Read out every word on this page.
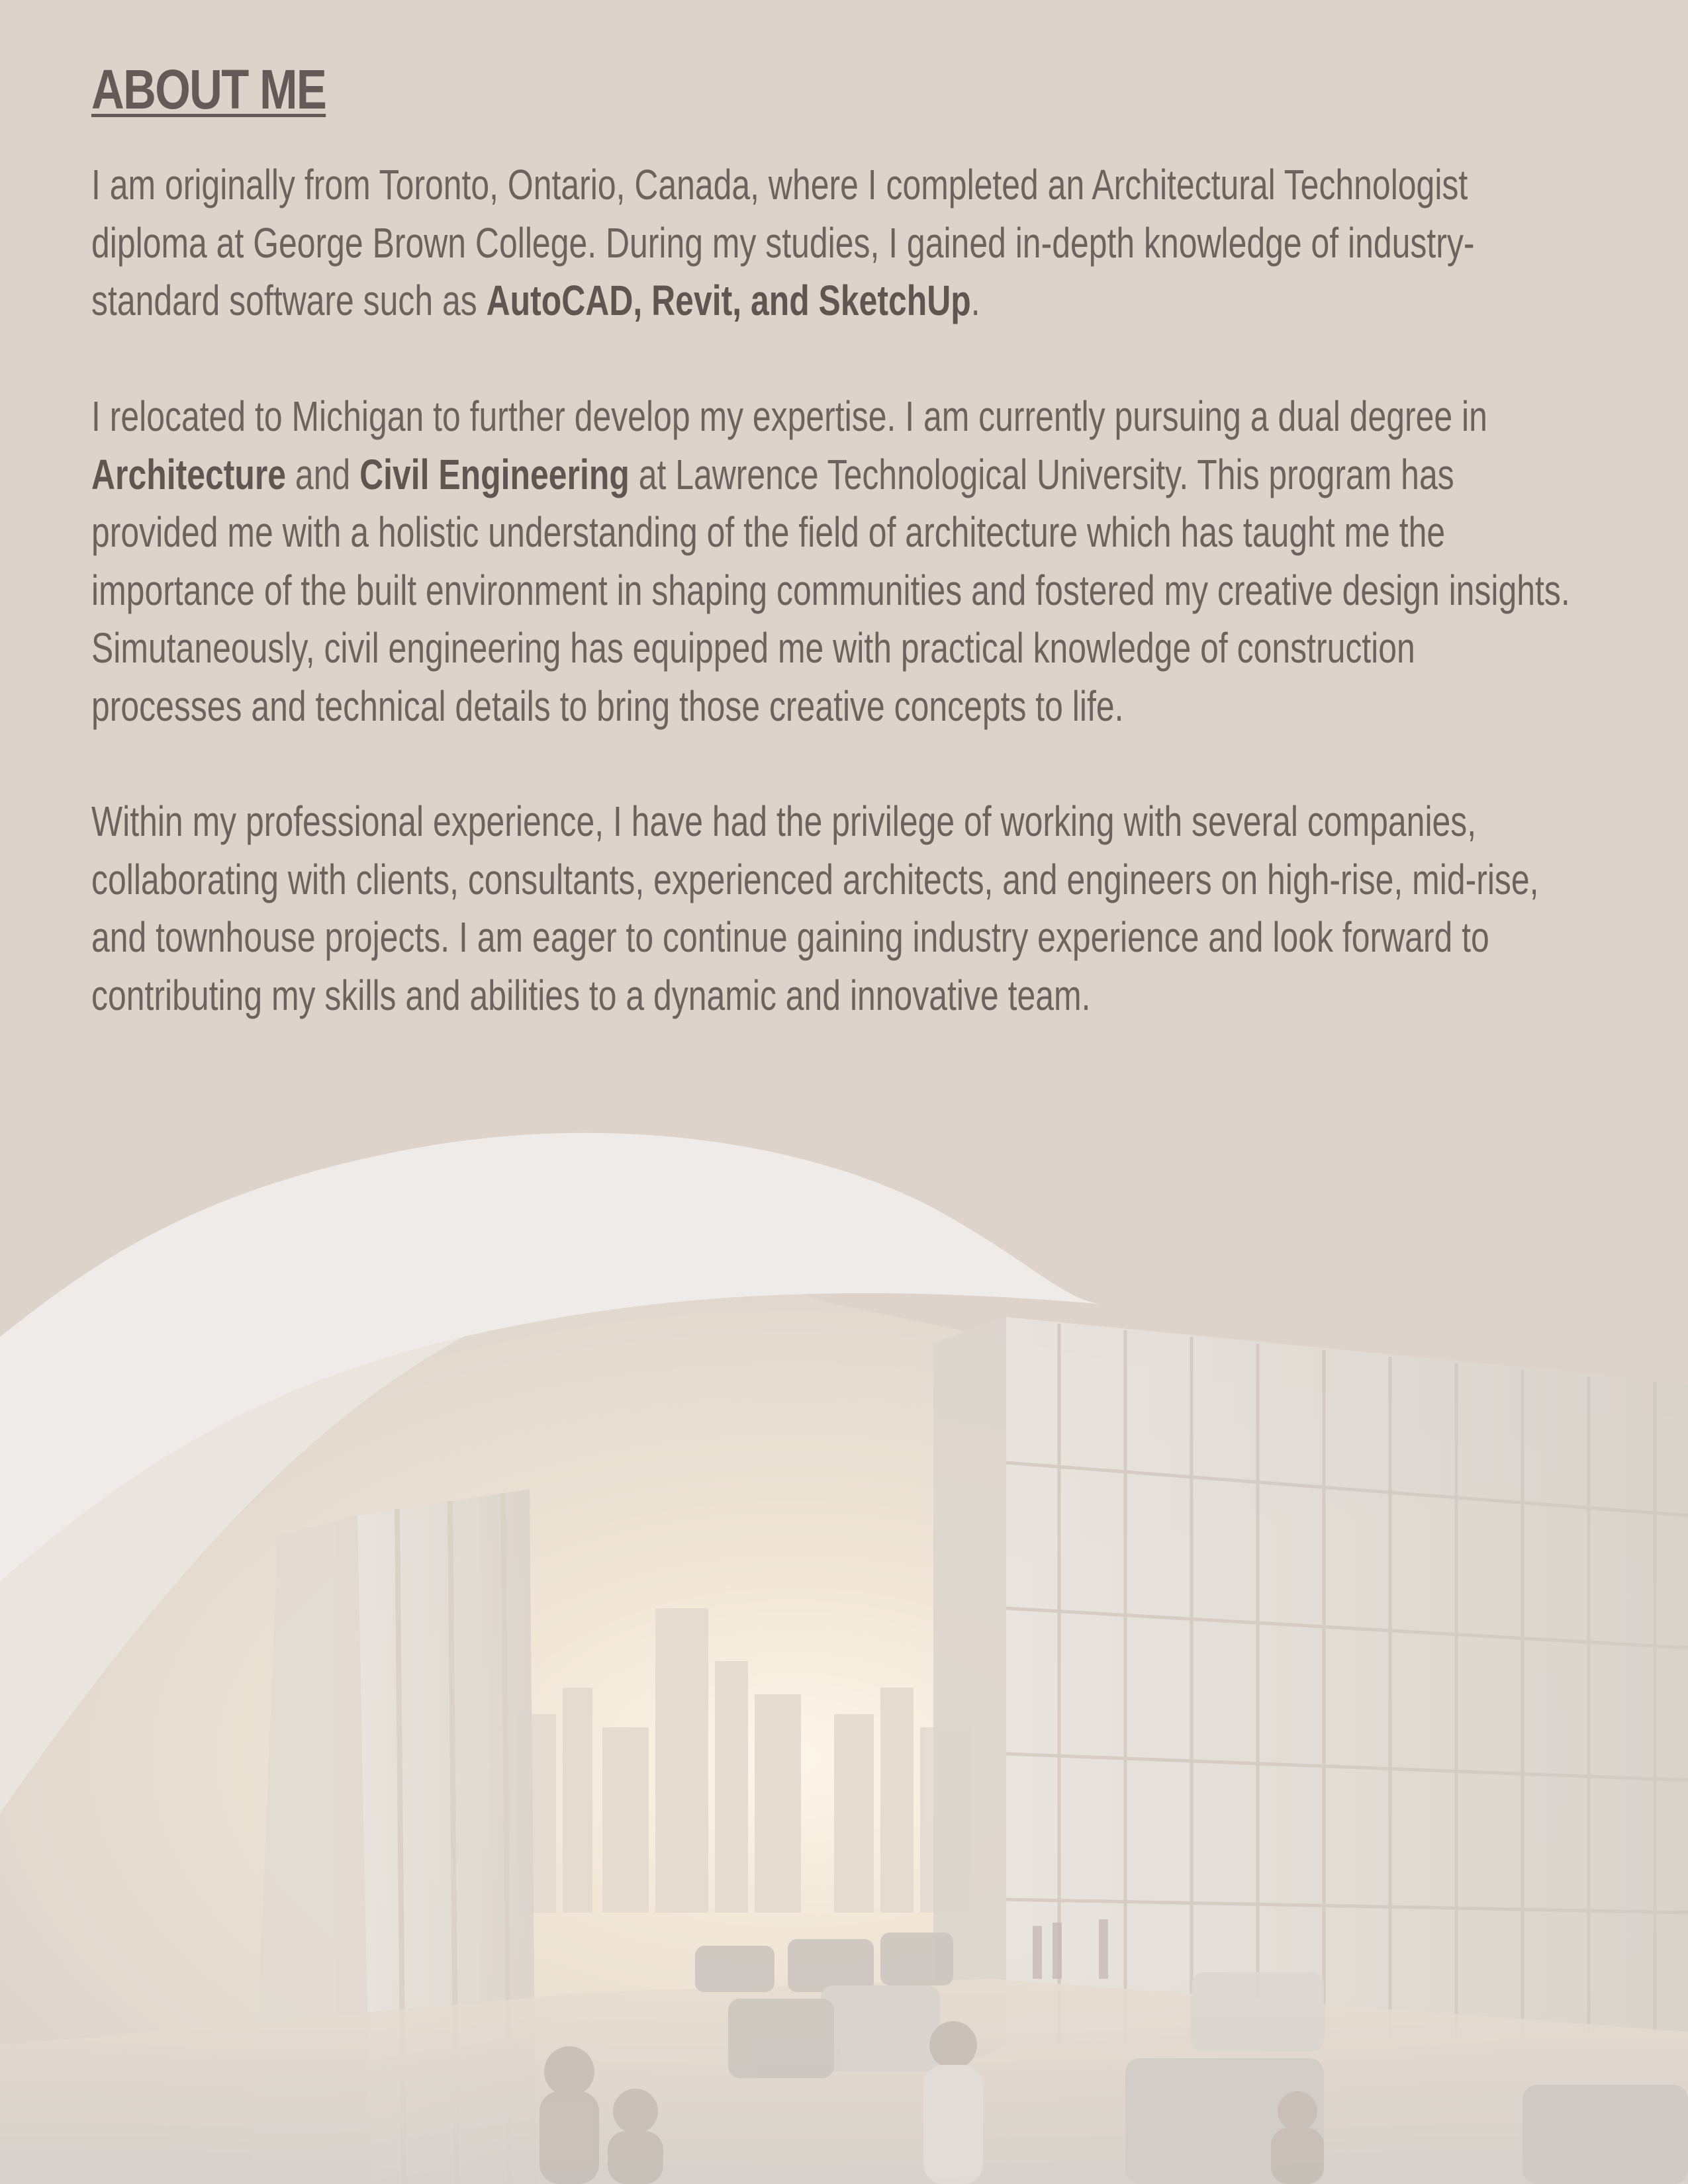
ABOUT ME

I am originally from Toronto, Ontario, Canada, where I completed an Architectural Technologist diploma at George Brown College. During my studies, I gained in-depth knowledge of industry-standard software such as AutoCAD, Revit, and SketchUp.

I relocated to Michigan to further develop my expertise. I am currently pursuing a dual degree in Architecture and Civil Engineering at Lawrence Technological University. This program has provided me with a holistic understanding of the field of architecture which has taught me the importance of the built environment in shaping communities and fostered my creative design insights. Simutaneously, civil engineering has equipped me with practical knowledge of construction processes and technical details to bring those creative concepts to life.

Within my professional experience, I have had the privilege of working with several companies, collaborating with clients, consultants, experienced architects, and engineers on high-rise, mid-rise, and townhouse projects. I am eager to continue gaining industry experience and look forward to contributing my skills and abilities to a dynamic and innovative team.
